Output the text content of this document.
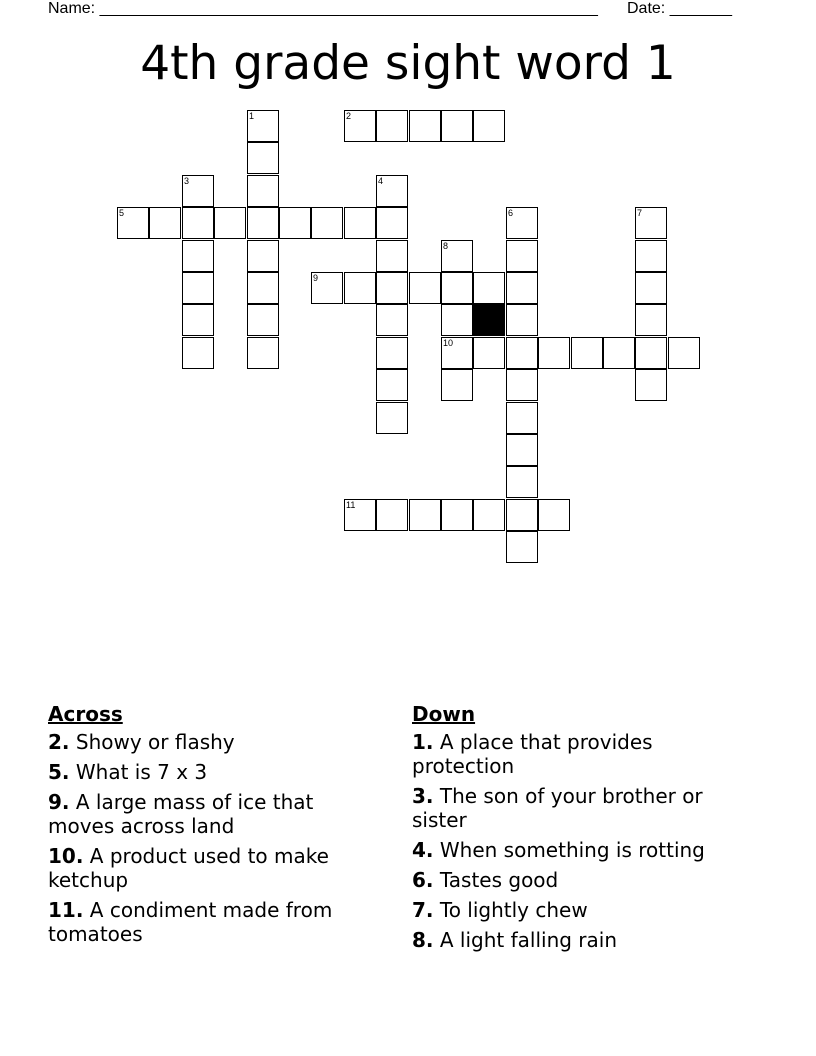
Name: ________________________________________________________ Date: _______
4th grade sight word 1
1	2
3	4
5	6	7
8
9
10
11
Across
2. Showy or flashy
5. What is 7 x 3
9. A large mass of ice that moves across land
10. A product used to make ketchup
11. A condiment made from tomatoes
Down
1. A place that provides protection
3. The son of your brother or sister
4. When something is rotting
6. Tastes good
7. To lightly chew
8. A light falling rain
